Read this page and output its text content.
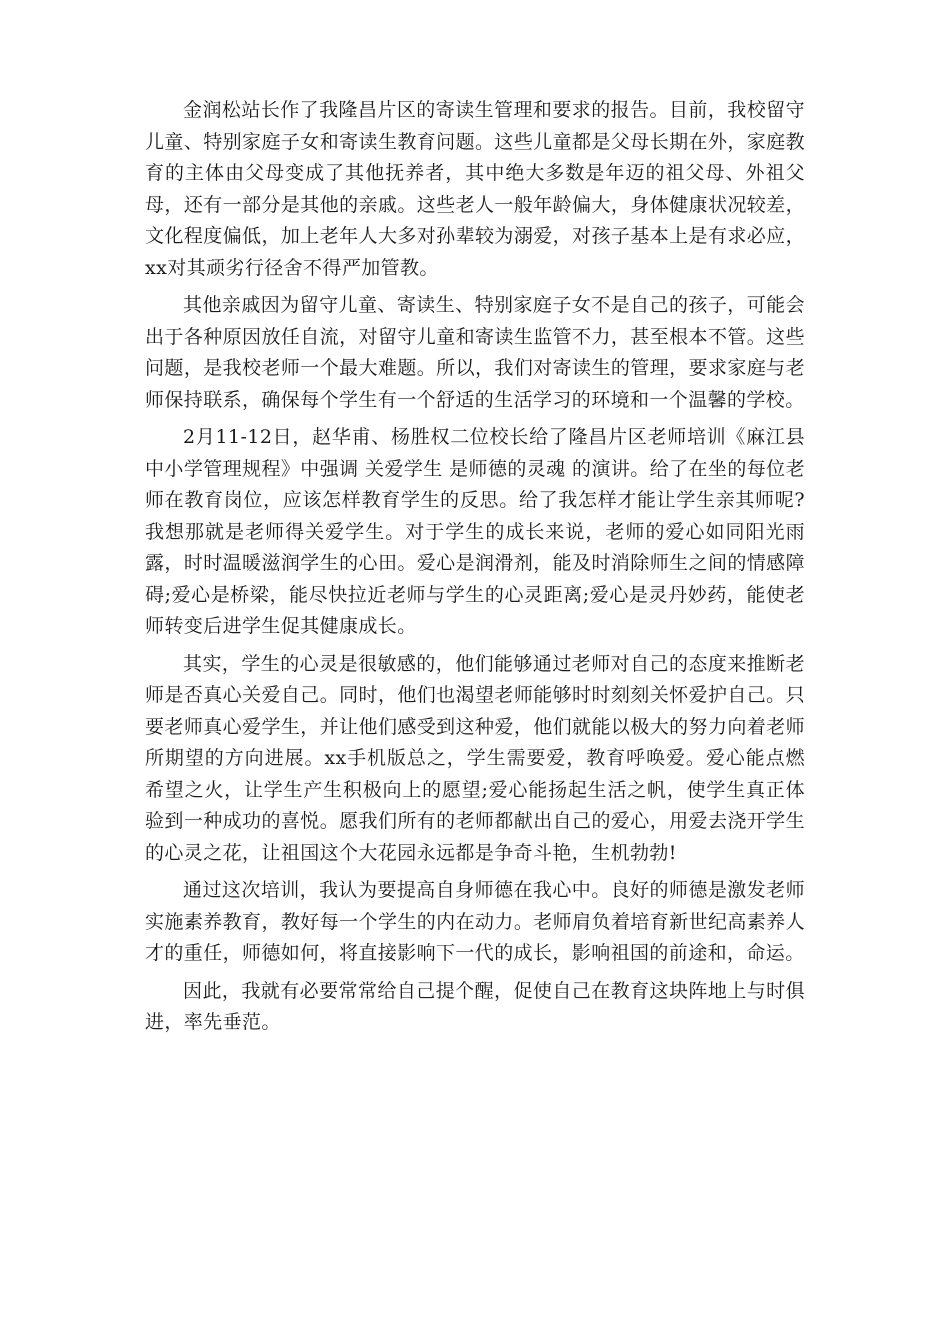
金润松站长作了我隆昌片区的寄读生管理和要求的报告。目前，我校留守儿童、特别家庭子女和寄读生教育问题。这些儿童都是父母长期在外，家庭教育的主体由父母变成了其他抚养者，其中绝大多数是年迈的祖父母、外祖父母，还有一部分是其他的亲戚。这些老人一般年龄偏大，身体健康状况较差，文化程度偏低，加上老年人大多对孙辈较为溺爱，对孩子基本上是有求必应，xx对其顽劣行径舍不得严加管教。

其他亲戚因为留守儿童、寄读生、特别家庭子女不是自己的孩子，可能会出于各种原因放任自流，对留守儿童和寄读生监管不力，甚至根本不管。这些问题，是我校老师一个最大难题。所以，我们对寄读生的管理，要求家庭与老师保持联系，确保每个学生有一个舒适的生活学习的环境和一个温馨的学校。

2月11-12日，赵华甫、杨胜权二位校长给了隆昌片区老师培训《麻江县中小学管理规程》中强调 关爱学生 是师德的灵魂 的演讲。给了在坐的每位老师在教育岗位，应该怎样教育学生的反思。给了我怎样才能让学生亲其师呢?我想那就是老师得关爱学生。对于学生的成长来说，老师的爱心如同阳光雨露，时时温暖滋润学生的心田。爱心是润滑剂，能及时消除师生之间的情感障碍;爱心是桥梁，能尽快拉近老师与学生的心灵距离;爱心是灵丹妙药，能使老师转变后进学生促其健康成长。

其实，学生的心灵是很敏感的，他们能够通过老师对自己的态度来推断老师是否真心关爱自己。同时，他们也渴望老师能够时时刻刻关怀爱护自己。只要老师真心爱学生，并让他们感受到这种爱，他们就能以极大的努力向着老师所期望的方向进展。xx手机版总之，学生需要爱，教育呼唤爱。爱心能点燃希望之火，让学生产生积极向上的愿望;爱心能扬起生活之帆，使学生真正体验到一种成功的喜悦。愿我们所有的老师都献出自己的爱心，用爱去浇开学生的心灵之花，让祖国这个大花园永远都是争奇斗艳，生机勃勃!

通过这次培训，我认为要提高自身师德在我心中。良好的师德是激发老师实施素养教育，教好每一个学生的内在动力。老师肩负着培育新世纪高素养人才的重任，师德如何，将直接影响下一代的成长，影响祖国的前途和，命运。

因此，我就有必要常常给自己提个醒，促使自己在教育这块阵地上与时俱进，率先垂范。
